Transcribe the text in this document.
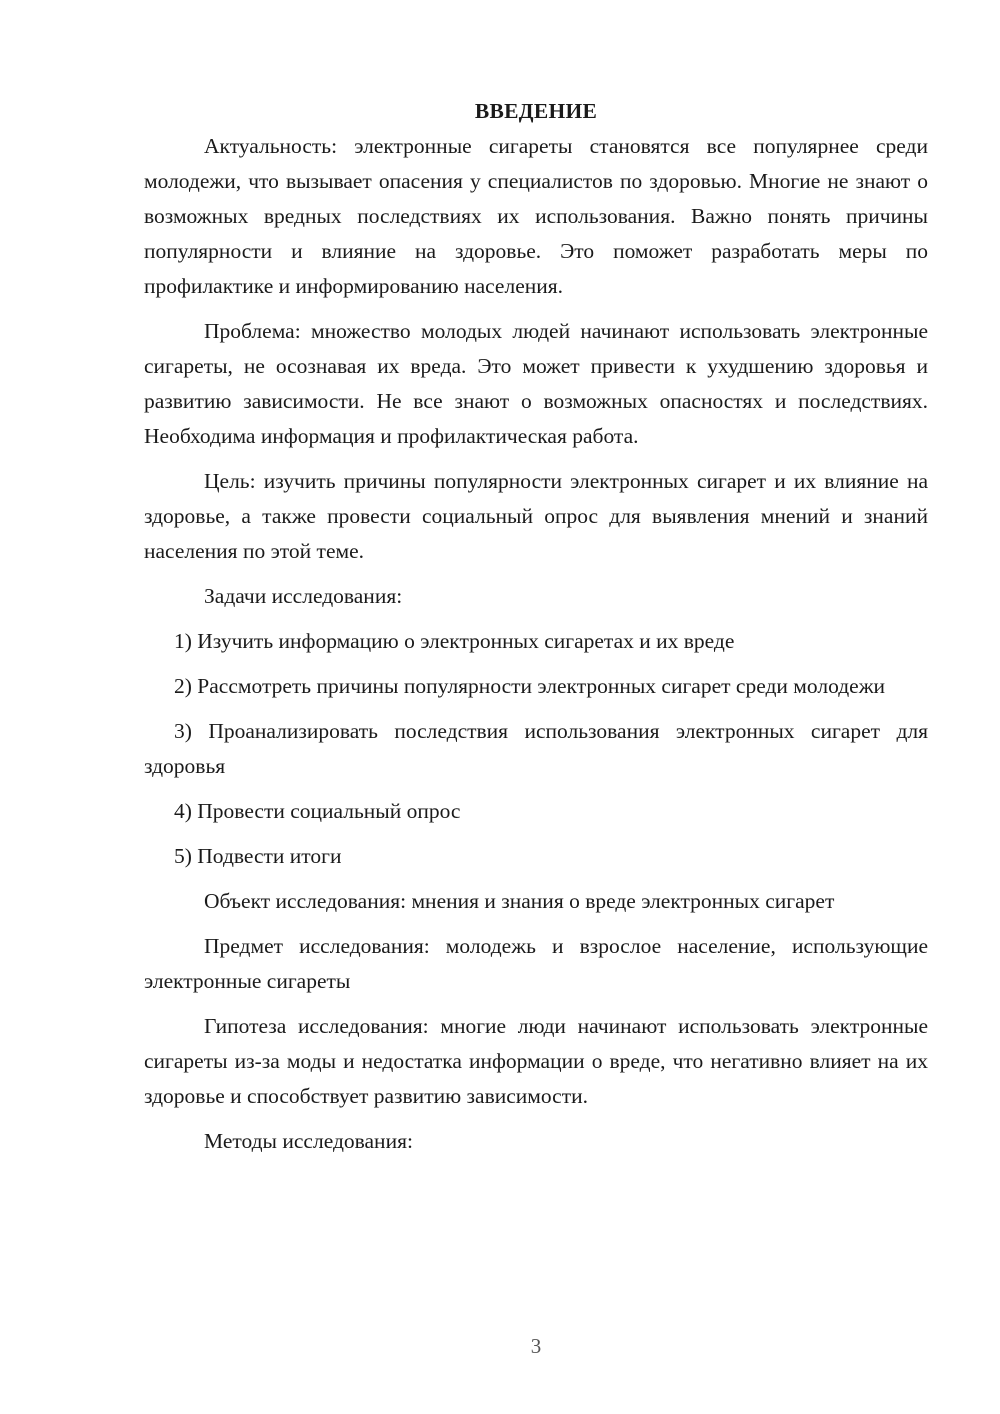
ВВЕДЕНИЕ

Актуальность: электронные сигареты становятся все популярнее среди молодежи, что вызывает опасения у специалистов по здоровью. Многие не знают о возможных вредных последствиях их использования. Важно понять причины популярности и влияние на здоровье. Это поможет разработать меры по профилактике и информированию населения.

Проблема: множество молодых людей начинают использовать электронные сигареты, не осознавая их вреда. Это может привести к ухудшению здоровья и развитию зависимости. Не все знают о возможных опасностях и последствиях. Необходима информация и профилактическая работа.

Цель: изучить причины популярности электронных сигарет и их влияние на здоровье, а также провести социальный опрос для выявления мнений и знаний населения по этой теме.

Задачи исследования:

1) Изучить информацию о электронных сигаретах и их вреде

2) Рассмотреть причины популярности электронных сигарет среди молодежи

3) Проанализировать последствия использования электронных сигарет для здоровья

4) Провести социальный опрос

5) Подвести итоги

Объект исследования: мнения и знания о вреде электронных сигарет

Предмет исследования: молодежь и взрослое население, использующие электронные сигареты

Гипотеза исследования: многие люди начинают использовать электронные сигареты из-за моды и недостатка информации о вреде, что негативно влияет на их здоровье и способствует развитию зависимости.

Методы исследования:

3
